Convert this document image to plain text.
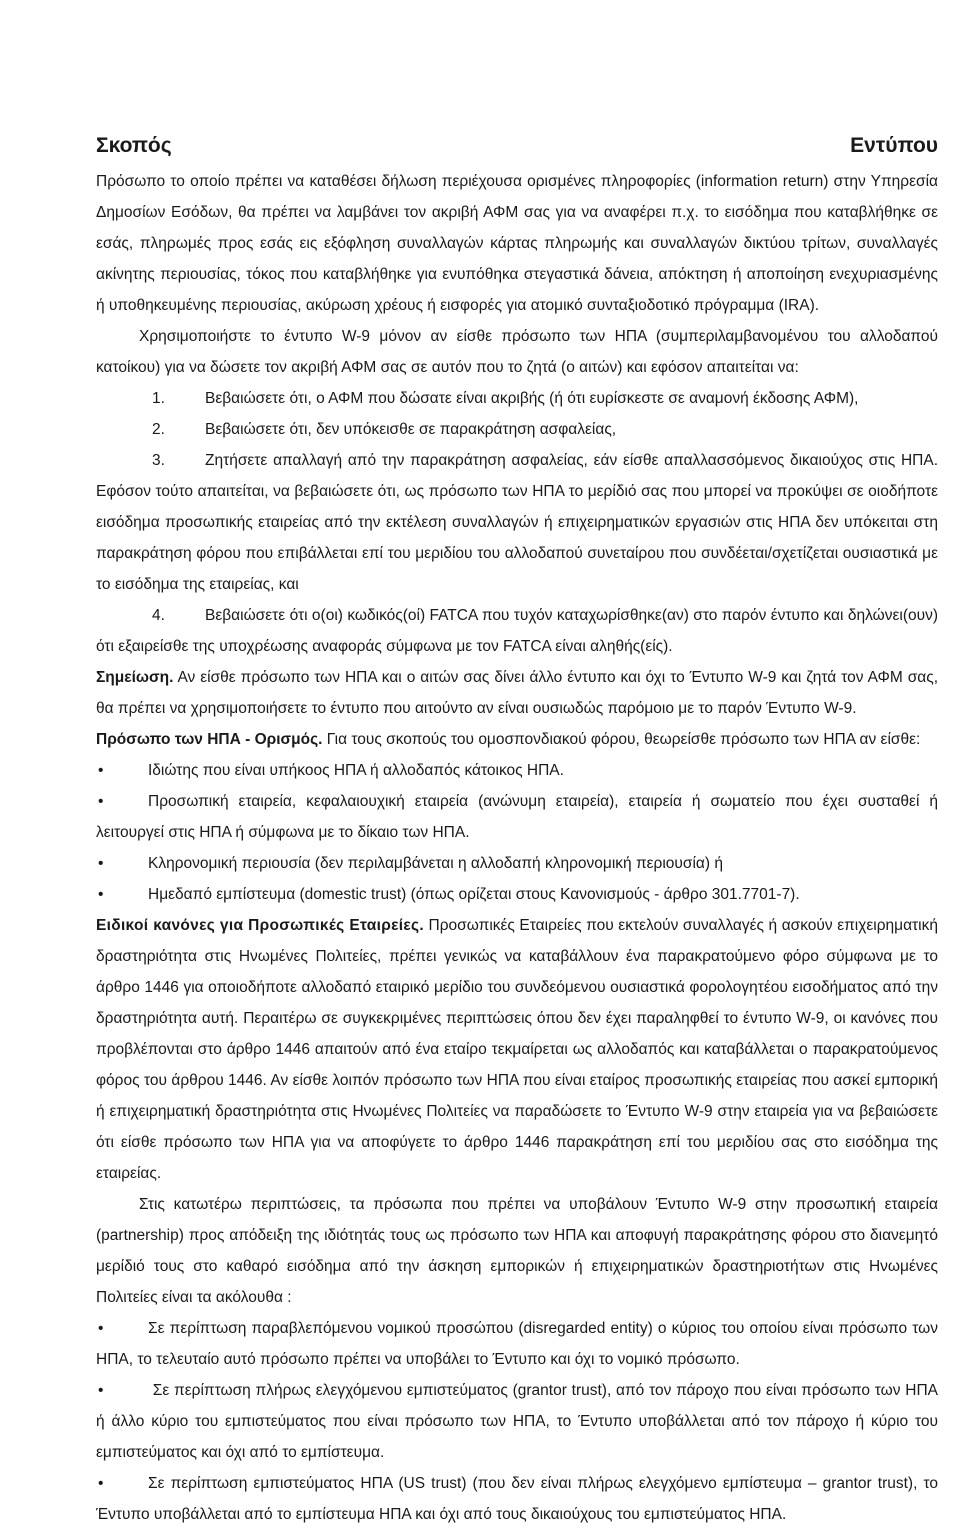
Σκοπός	Εντύπου

Πρόσωπο το οποίο πρέπει να καταθέσει δήλωση περιέχουσα ορισμένες πληροφορίες (information return) στην Υπηρεσία Δημοσίων Εσόδων, θα πρέπει να λαμβάνει τον ακριβή ΑΦΜ σας για να αναφέρει π.χ. το εισόδημα που καταβλήθηκε σε εσάς, πληρωμές προς εσάς εις εξόφληση συναλλαγών κάρτας πληρωμής και συναλλαγών δικτύου τρίτων, συναλλαγές ακίνητης περιουσίας, τόκος που καταβλήθηκε για ενυπόθηκα στεγαστικά δάνεια, απόκτηση ή αποποίηση ενεχυριασμένης ή υποθηκευμένης περιουσίας, ακύρωση χρέους ή εισφορές για ατομικό συνταξιοδοτικό πρόγραμμα (IRA).

Χρησιμοποιήστε το έντυπο W-9 μόνον αν είσθε πρόσωπο των ΗΠΑ (συμπεριλαμβανομένου του αλλοδαπού κατοίκου) για να δώσετε τον ακριβή ΑΦΜ σας σε αυτόν που το ζητά (ο αιτών) και εφόσον απαιτείται να:

1.	Βεβαιώσετε ότι, ο ΑΦΜ που δώσατε είναι ακριβής (ή ότι ευρίσκεστε σε αναμονή έκδοσης ΑΦΜ),

2.	Βεβαιώσετε ότι, δεν υπόκεισθε σε παρακράτηση ασφαλείας,

3.	Ζητήσετε απαλλαγή από την παρακράτηση ασφαλείας, εάν είσθε απαλλασσόμενος δικαιούχος στις ΗΠΑ. Εφόσον τούτο απαιτείται, να βεβαιώσετε ότι, ως πρόσωπο των ΗΠΑ το μερίδιό σας που μπορεί να προκύψει σε οιοδήποτε εισόδημα προσωπικής εταιρείας από την εκτέλεση συναλλαγών ή επιχειρηματικών εργασιών στις ΗΠΑ δεν υπόκειται στη παρακράτηση φόρου που επιβάλλεται επί του μεριδίου του αλλοδαπού συνεταίρου που συνδέεται/σχετίζεται ουσιαστικά με το εισόδημα της εταιρείας, και

4.	Βεβαιώσετε ότι ο(οι) κωδικός(οί) FATCA που τυχόν καταχωρίσθηκε(αν) στο παρόν έντυπο και δηλώνει(ουν) ότι εξαιρείσθε της υποχρέωσης αναφοράς σύμφωνα με τον FATCA είναι αληθής(είς).

Σημείωση. Αν είσθε πρόσωπο των ΗΠΑ και ο αιτών σας δίνει άλλο έντυπο και όχι το Έντυπο W-9 και ζητά τον ΑΦΜ σας, θα πρέπει να χρησιμοποιήσετε το έντυπο που αιτούντο αν είναι ουσιωδώς παρόμοιο με το παρόν Έντυπο W-9.

Πρόσωπο των ΗΠΑ - Ορισμός. Για τους σκοπούς του ομοσπονδιακού φόρου, θεωρείσθε πρόσωπο των ΗΠΑ αν είσθε:

•	Ιδιώτης που είναι υπήκοος ΗΠΑ ή αλλοδαπός κάτοικος ΗΠΑ.

•	Προσωπική εταιρεία, κεφαλαιουχική εταιρεία (ανώνυμη εταιρεία), εταιρεία ή σωματείο που έχει συσταθεί ή λειτουργεί στις ΗΠΑ ή σύμφωνα με το δίκαιο των ΗΠΑ.

•	Κληρονομική περιουσία (δεν περιλαμβάνεται η αλλοδαπή κληρονομική περιουσία) ή

•	Ημεδαπό εμπίστευμα (domestic trust) (όπως ορίζεται στους Κανονισμούς - άρθρο 301.7701-7).

Ειδικοί κανόνες για Προσωπικές Εταιρείες. Προσωπικές Εταιρείες που εκτελούν συναλλαγές ή ασκούν επιχειρηματική δραστηριότητα στις Ηνωμένες Πολιτείες, πρέπει γενικώς να καταβάλλουν ένα παρακρατούμενο φόρο σύμφωνα με το άρθρο 1446 για οποιοδήποτε αλλοδαπό εταιρικό μερίδιο του συνδεόμενου ουσιαστικά φορολογητέου εισοδήματος από την δραστηριότητα αυτή. Περαιτέρω σε συγκεκριμένες περιπτώσεις όπου δεν έχει παραληφθεί το έντυπο W-9, οι κανόνες που προβλέπονται στο άρθρο 1446 απαιτούν από ένα εταίρο τεκμαίρεται ως αλλοδαπός και καταβάλλεται ο παρακρατούμενος φόρος του άρθρου 1446. Αν είσθε λοιπόν πρόσωπο των ΗΠΑ που είναι εταίρος προσωπικής εταιρείας που ασκεί εμπορική ή επιχειρηματική δραστηριότητα στις Ηνωμένες Πολιτείες να παραδώσετε το Έντυπο W-9 στην εταιρεία για να βεβαιώσετε ότι είσθε πρόσωπο των ΗΠΑ για να αποφύγετε το άρθρο 1446 παρακράτηση επί του μεριδίου σας στο εισόδημα της εταιρείας.

Στις κατωτέρω περιπτώσεις, τα πρόσωπα που πρέπει να υποβάλουν Έντυπο W-9 στην προσωπική εταιρεία (partnership) προς απόδειξη της ιδιότητάς τους ως πρόσωπο των ΗΠΑ και αποφυγή παρακράτησης φόρου στο διανεμητό μερίδιό τους στο καθαρό εισόδημα από την άσκηση εμπορικών ή επιχειρηματικών δραστηριοτήτων στις Ηνωμένες Πολιτείες είναι τα ακόλουθα :

•	Σε περίπτωση παραβλεπόμενου νομικού προσώπου (disregarded entity) ο κύριος του οποίου είναι πρόσωπο των ΗΠΑ, το τελευταίο αυτό πρόσωπο πρέπει να υποβάλει το Έντυπο και όχι το νομικό πρόσωπο.

•	Σε περίπτωση πλήρως ελεγχόμενου εμπιστεύματος (grantor trust), από τον πάροχο που είναι πρόσωπο των ΗΠΑ ή άλλο κύριο του εμπιστεύματος που είναι πρόσωπο των ΗΠΑ, το Έντυπο υποβάλλεται από τον πάροχο ή κύριο του εμπιστεύματος και όχι από το εμπίστευμα.

•	Σε περίπτωση εμπιστεύματος ΗΠΑ (US trust) (που δεν είναι πλήρως ελεγχόμενο εμπίστευμα – grantor trust), το Έντυπο υποβάλλεται από το εμπίστευμα ΗΠΑ και όχι από τους δικαιούχους του εμπιστεύματος ΗΠΑ.
